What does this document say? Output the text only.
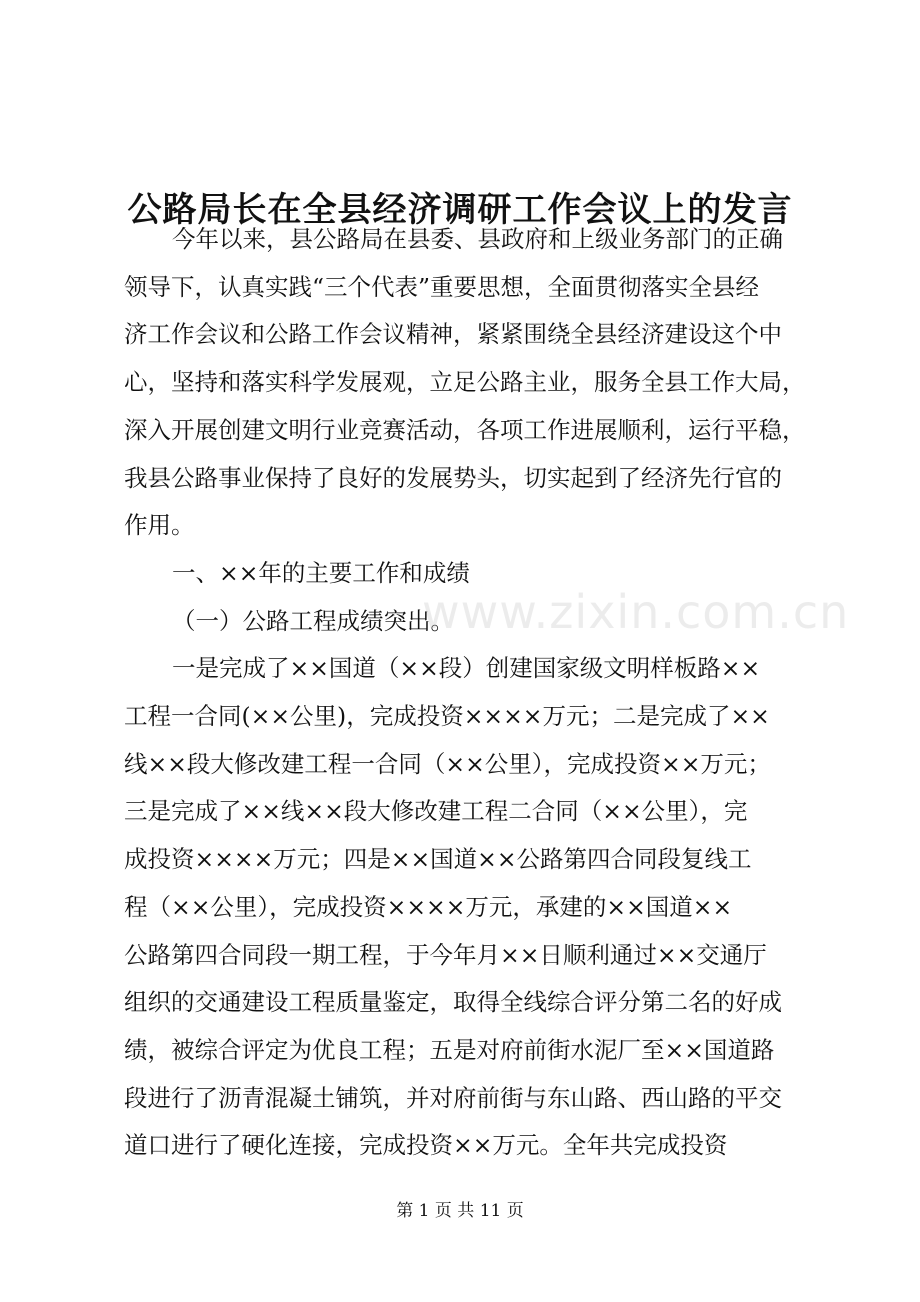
公路局长在全县经济调研工作会议上的发言
今年以来，县公路局在县委、县政府和上级业务部门的正确
领导下，认真实践“三个代表”重要思想，全面贯彻落实全县经
济工作会议和公路工作会议精神，紧紧围绕全县经济建设这个中
心，坚持和落实科学发展观，立足公路主业，服务全县工作大局，
深入开展创建文明行业竞赛活动，各项工作进展顺利，运行平稳，
我县公路事业保持了良好的发展势头，切实起到了经济先行官的
作用。
一、××年的主要工作和成绩
（一）公路工程成绩突出。
一是完成了××国道（××段）创建国家级文明样板路××
工程一合同(××公里)，完成投资××××万元；二是完成了××
线××段大修改建工程一合同（××公里），完成投资××万元；
三是完成了××线××段大修改建工程二合同（××公里），完
成投资××××万元；四是××国道××公路第四合同段复线工
程（××公里），完成投资××××万元，承建的××国道××
公路第四合同段一期工程，于今年月××日顺利通过××交通厅
组织的交通建设工程质量鉴定，取得全线综合评分第二名的好成
绩，被综合评定为优良工程；五是对府前街水泥厂至××国道路
段进行了沥青混凝土铺筑，并对府前街与东山路、西山路的平交
道口进行了硬化连接，完成投资××万元。全年共完成投资
www.zixin.com.cn
第 1 页 共 11 页
